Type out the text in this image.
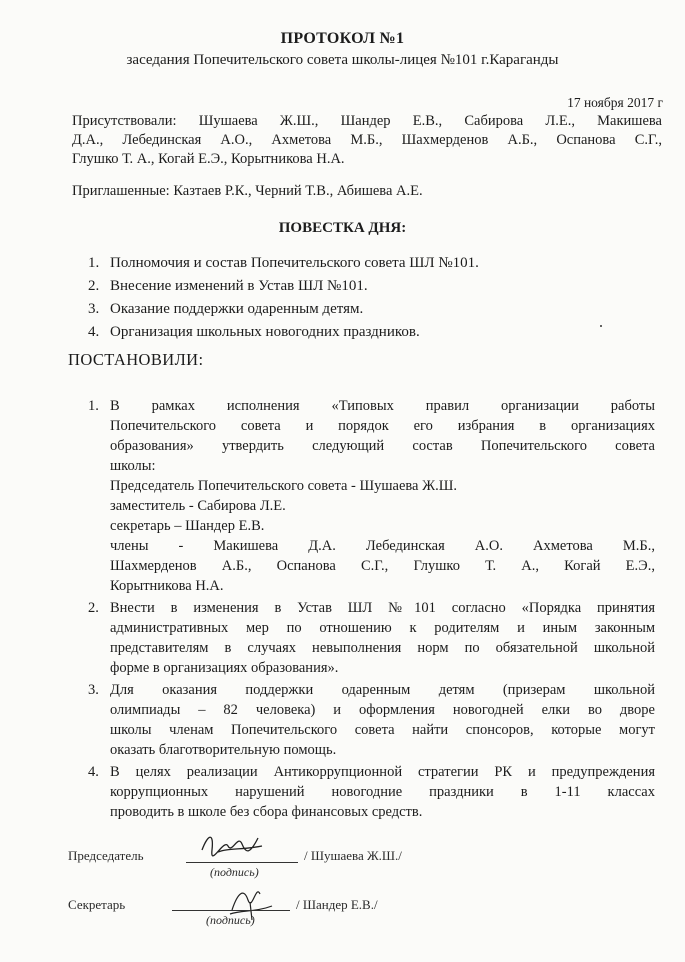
ПРОТОКОЛ №1
заседания Попечительского совета школы-лицея №101 г.Караганды
17 ноября 2017 г
Присутствовали: Шушаева Ж.Ш., Шандер Е.В., Сабирова Л.Е., Макишева
Д.А., Лебединская А.О., Ахметова М.Б., Шахмерденов А.Б., Оспанова С.Г.,
Глушко Т. А., Когай Е.Э., Корытникова Н.А.
Приглашенные: Казтаев Р.К., Черний Т.В., Абишева А.Е.
ПОВЕСТКА ДНЯ:
1. Полномочия и состав Попечительского совета ШЛ №101.
2. Внесение изменений в Устав ШЛ №101.
3. Оказание поддержки одаренным детям.
4. Организация школьных новогодних праздников.
ПОСТАНОВИЛИ:
1. В рамках исполнения «Типовых правил организации работы
Попечительского совета и порядок его избрания в организациях
образования» утвердить следующий состав Попечительского совета
школы:
Председатель Попечительского совета - Шушаева Ж.Ш.
заместитель - Сабирова Л.Е.
секретарь – Шандер Е.В.
члены - Макишева Д.А. Лебединская А.О. Ахметова М.Б.,
Шахмерденов А.Б., Оспанова С.Г., Глушко Т. А., Когай Е.Э.,
Корытникова Н.А.
2. Внести в изменения в Устав ШЛ №101 согласно «Порядка принятия
административных мер по отношению к родителям и иным законным
представителям в случаях невыполнения норм по обязательной школьной
форме в организациях образования».
3. Для оказания поддержки одаренным детям (призерам школьной
олимпиады – 82 человека) и оформления новогодней елки во дворе
школы членам Попечительского совета найти спонсоров, которые могут
оказать благотворительную помощь.
4. В целях реализации Антикоррупционной стратегии РК и предупреждения
коррупционных нарушений новогодние праздники в 1-11 классах
проводить в школе без сбора финансовых средств.
Председатель	/ Шушаева Ж.Ш./
(подпись)
Секретарь	/ Шандер Е.В./
(подпись)
